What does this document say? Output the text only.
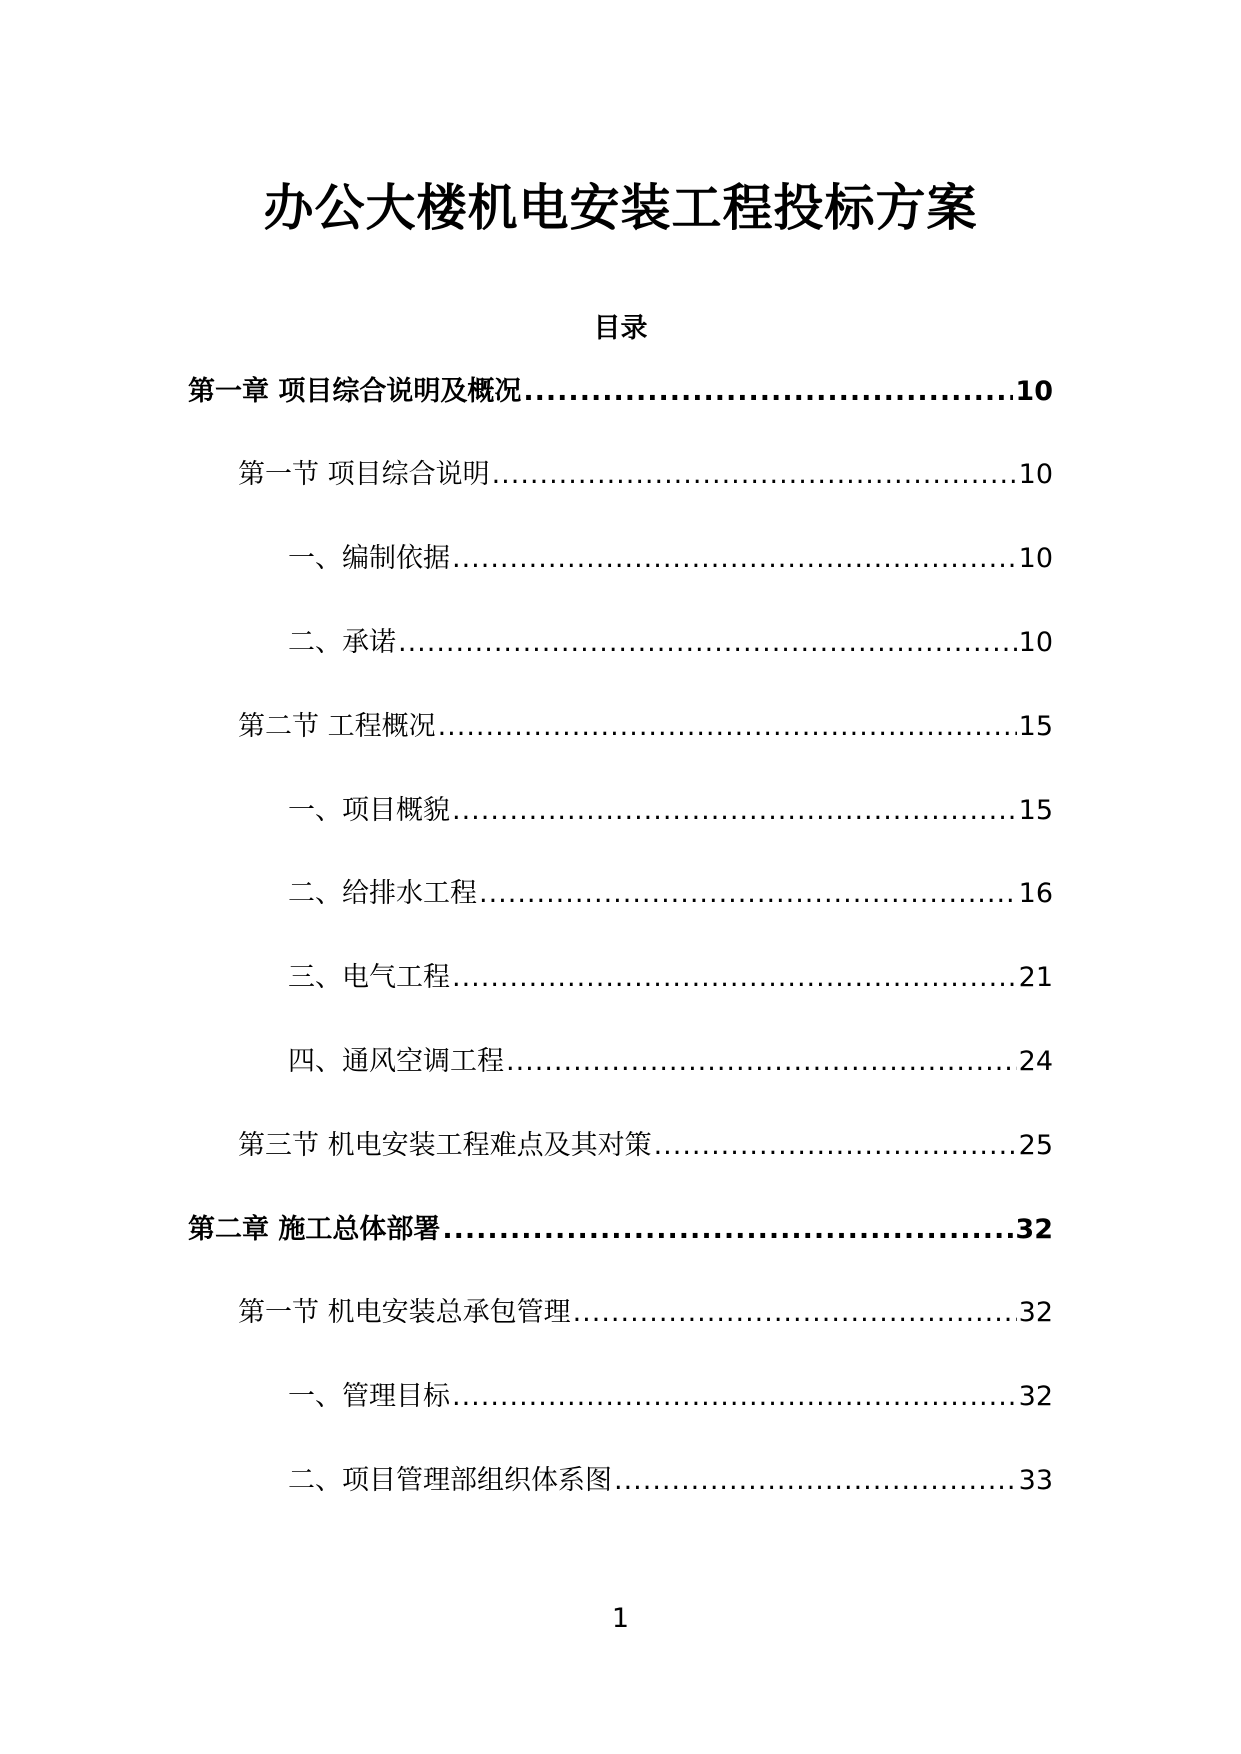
办公大楼机电安装工程投标方案
目录
第一章 项目综合说明及概况 .....	10
第一节 项目综合说明 .....	10
一、编制依据 .....	10
二、承诺 .....	10
第二节 工程概况 .....	15
一、项目概貌 .....	15
二、给排水工程 .....	16
三、电气工程 .....	21
四、通风空调工程 .....	24
第三节 机电安装工程难点及其对策 .....	25
第二章 施工总体部署 .....	32
第一节 机电安装总承包管理 .....	32
一、管理目标 .....	32
二、项目管理部组织体系图 .....	33
1
